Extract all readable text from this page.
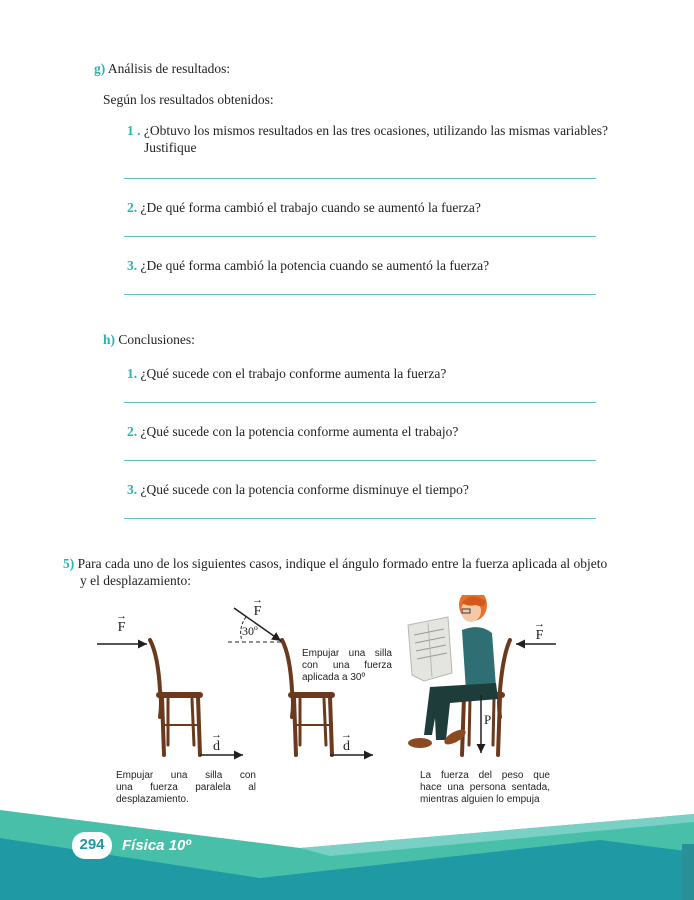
g) Análisis de resultados:
Según los resultados obtenidos:
1 . ¿Obtuvo los mismos resultados en las tres ocasiones, utilizando las mismas variables?
Justifique
2. ¿De qué forma cambió el trabajo cuando se aumentó la fuerza?
3. ¿De qué forma cambió la potencia cuando se aumentó la fuerza?
h) Conclusiones:
1. ¿Qué sucede con el trabajo conforme aumenta la fuerza?
2. ¿Qué sucede con la potencia conforme aumenta el trabajo?
3. ¿Qué sucede con la potencia conforme disminuye el tiempo?
5) Para cada uno de los siguientes casos, indique el ángulo formado entre la fuerza aplicada al objeto
y el desplazamiento:
→
F
→
F
→
F
→
d
→
d
P
30º
Empujar una silla con
una fuerza paralela al
desplazamiento.
Empujar una silla
con una fuerza
aplicada a 30º
La fuerza del peso que
hace una persona sentada,
mientras alguien lo empuja
294	Física 10º
